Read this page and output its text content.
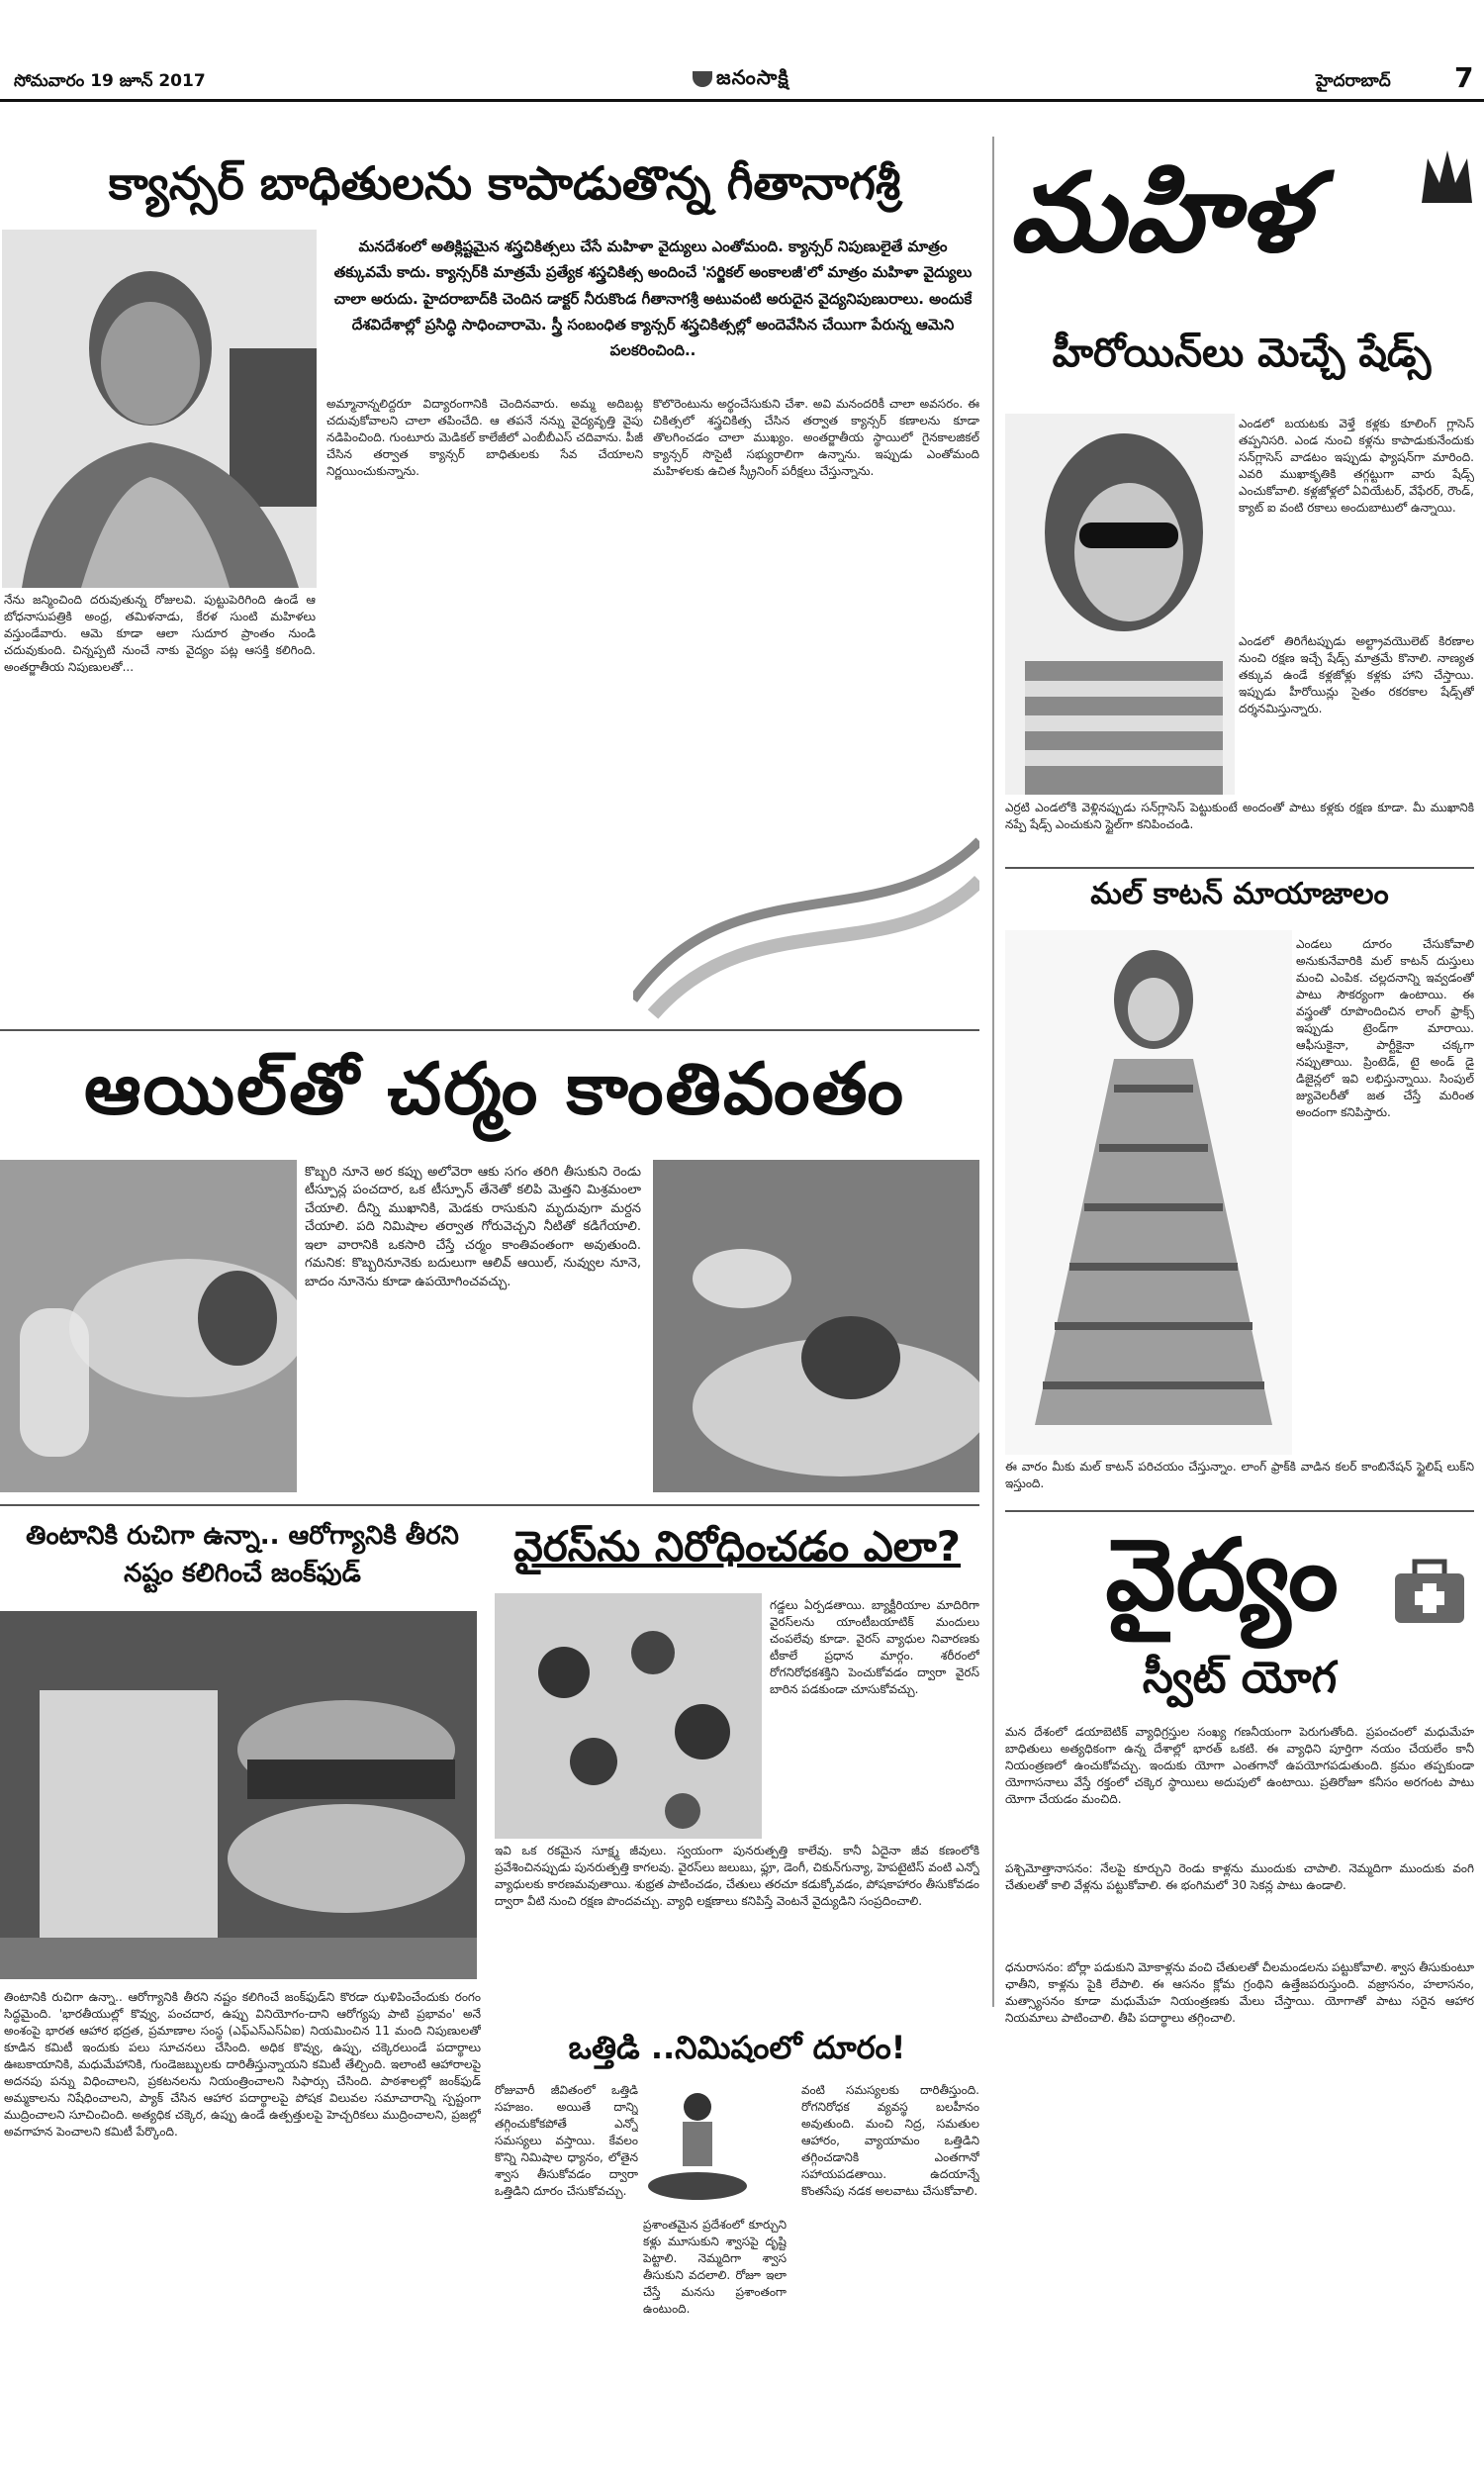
సోమవారం 19 జూన్ 2017	జనంసాక్షి	హైదరాబాద్ 7
క్యాన్సర్ బాధితులను కాపాడుతొన్న గీతానాగశ్రీ
మనదేశంలో అతిక్లిష్టమైన శస్త్రచికిత్సలు చేసే మహిళా వైద్యులు ఎంతోమంది. క్యాన్సర్ నిపుణులైతే మాత్రం తక్కువమే కాదు. క్యాన్సర్‌కి మాత్రమే ప్రత్యేక శస్త్రచికిత్స అందించే 'సర్జికల్ అంకాలజీ'లో మాత్రం మహిళా వైద్యులు చాలా అరుదు. హైదరాబాద్‌కి చెందిన డాక్టర్ నీరుకొండ గీతానాగశ్రీ అటువంటి అరుదైన వైద్యనిపుణురాలు. అందుకే దేశవిదేశాల్లో ప్రసిద్ధి సాధించారామె. స్త్రీ సంబంధిత క్యాన్సర్ శస్త్రచికిత్సల్లో అందెవేసిన చేయిగా పేరున్న ఆమెని పలకరించింది..
నేను జన్మించింది దరువుతున్న రోజులవి. పుట్టుపెరిగింది ఉండే ఆ బోధనాసుపత్రికి అంధ్ర, తమిళనాడు, కేరళ సుంటి మహిళలు వస్తుండేవారు. ఆమె కూడా ఆలా సుదూర ప్రాంతం నుండి చదువుకుంది. చిన్నప్పటి నుంచే నాకు వైద్యం పట్ల ఆసక్తి కలిగింది. అంతర్జాతీయ నిపుణులతో...
అమ్మానాన్నలిద్దరూ విద్యారంగానికి చెందినవారు. అమ్మ అదిబట్ల చదువుకోవాలని చాలా తపించేది. ఆ తపనే నన్ను వైద్యవృత్తి వైపు నడిపించింది. గుంటూరు మెడికల్ కాలేజీలో ఎంబీబీఎస్ చదివాను. పీజీ చేసిన తర్వాత క్యాన్సర్ బాధితులకు సేవ చేయాలని నిర్ణయించుకున్నాను.
కొలొరెంటును అర్థంచేసుకుని చేశా. అవి మనందరికీ చాలా అవసరం. ఈ చికిత్సలో శస్త్రచికిత్స చేసిన తర్వాత క్యాన్సర్ కణాలను కూడా తొలగించడం చాలా ముఖ్యం. అంతర్జాతీయ స్థాయిలో గైనకాలజికల్ క్యాన్సర్ సొసైటీ సభ్యురాలిగా ఉన్నాను. ఇప్పుడు ఎంతోమంది మహిళలకు ఉచిత స్క్రీనింగ్ పరీక్షలు చేస్తున్నాను.
ఆయిల్‌తో చర్మం కాంతివంతం
కొబ్బరి నూనె అర కప్పు అలోవెరా ఆకు సగం తరిగి తీసుకుని రెండు టీస్పూన్ల పంచదార, ఒక టీస్పూన్ తేనెతో కలిపి మెత్తని మిశ్రమంలా చేయాలి. దీన్ని ముఖానికి, మెడకు రాసుకుని మృదువుగా మర్దన చేయాలి. పది నిమిషాల తర్వాత గోరువెచ్చని నీటితో కడిగేయాలి. ఇలా వారానికి ఒకసారి చేస్తే చర్మం కాంతివంతంగా అవుతుంది. గమనిక: కొబ్బరినూనెకు బదులుగా ఆలివ్ ఆయిల్, నువ్వుల నూనె, బాదం నూనెను కూడా ఉపయోగించవచ్చు.
తింటానికి రుచిగా ఉన్నా.. ఆరోగ్యానికి తీరని నష్టం కలిగించే జంక్‌ఫుడ్
తింటానికి రుచిగా ఉన్నా.. ఆరోగ్యానికి తీరని నష్టం కలిగించే జంక్‌ఫుడ్‌ని కొరడా ఝళిపించేందుకు రంగం సిద్ధమైంది. 'భారతీయుల్లో కొవ్వు, పంచదార, ఉప్పు వినియోగం-దాని ఆరోగ్యపు పాటి ప్రభావం' అనే అంశంపై భారత ఆహార భద్రత, ప్రమాణాల సంస్థ (ఎఫ్ఎస్ఎస్ఏఐ) నియమించిన 11 మంది నిపుణులతో కూడిన కమిటీ ఇందుకు పలు సూచనలు చేసింది. అధిక కొవ్వు, ఉప్పు, చక్కెరలుండే పదార్థాలు ఊబకాయానికి, మధుమేహానికి, గుండెజబ్బులకు దారితీస్తున్నాయని కమిటీ తేల్చింది. ఇలాంటి ఆహారాలపై అదనపు పన్ను విధించాలని, ప్రకటనలను నియంత్రించాలని సిఫార్సు చేసింది. పాఠశాలల్లో జంక్‌ఫుడ్ అమ్మకాలను నిషేధించాలని, ప్యాక్ చేసిన ఆహార పదార్థాలపై పోషక విలువల సమాచారాన్ని స్పష్టంగా ముద్రించాలని సూచించింది. అత్యధిక చక్కెర, ఉప్పు ఉండే ఉత్పత్తులపై హెచ్చరికలు ముద్రించాలని, ప్రజల్లో అవగాహన పెంచాలని కమిటీ పేర్కొంది.
వైరస్‌ను నిరోధించడం ఎలా?
గడ్డలు ఏర్పడతాయి. బ్యాక్టీరియాల మాదిరిగా వైరస్‌లను యాంటీబయాటిక్ మందులు చంపలేవు కూడా. వైరస్ వ్యాధుల నివారణకు టీకాలే ప్రధాన మార్గం. శరీరంలో రోగనిరోధకశక్తిని పెంచుకోవడం ద్వారా వైరస్ బారిన పడకుండా చూసుకోవచ్చు.
ఇవి ఒక రకమైన సూక్ష్మ జీవులు. స్వయంగా పునరుత్పత్తి కాలేవు. కానీ ఏదైనా జీవ కణంలోకి ప్రవేశించినప్పుడు పునరుత్పత్తి కాగలవు. వైరస్‌లు జలుబు, ఫ్లూ, డెంగీ, చికున్‌గున్యా, హెపటైటిస్ వంటి ఎన్నో వ్యాధులకు కారణమవుతాయి. శుభ్రత పాటించడం, చేతులు తరచూ కడుక్కోవడం, పోషకాహారం తీసుకోవడం ద్వారా వీటి నుంచి రక్షణ పొందవచ్చు. వ్యాధి లక్షణాలు కనిపిస్తే వెంటనే వైద్యుడిని సంప్రదించాలి.
ఒత్తిడి ..నిమిషంలో దూరం!
రోజువారీ జీవితంలో ఒత్తిడి సహజం. అయితే దాన్ని తగ్గించుకోకపోతే ఎన్నో సమస్యలు వస్తాయి. కేవలం కొన్ని నిమిషాల ధ్యానం, లోతైన శ్వాస తీసుకోవడం ద్వారా ఒత్తిడిని దూరం చేసుకోవచ్చు.
ప్రశాంతమైన ప్రదేశంలో కూర్చుని కళ్లు మూసుకుని శ్వాసపై దృష్టి పెట్టాలి. నెమ్మదిగా శ్వాస తీసుకుని వదలాలి. రోజూ ఇలా చేస్తే మనసు ప్రశాంతంగా ఉంటుంది.
వంటి సమస్యలకు దారితీస్తుంది. రోగనిరోధక వ్యవస్థ బలహీనం అవుతుంది. మంచి నిద్ర, సమతుల ఆహారం, వ్యాయామం ఒత్తిడిని తగ్గించడానికి ఎంతగానో సహాయపడతాయి. ఉదయాన్నే కొంతసేపు నడక అలవాటు చేసుకోవాలి.
మహిళ
హీరోయిన్‌లు మెచ్చే షేడ్స్
ఎండలో బయటకు వెళ్తే కళ్లకు కూలింగ్ గ్లాసెస్ తప్పనిసరి. ఎండ నుంచి కళ్లను కాపాడుకునేందుకు సన్‌గ్లాసెస్ వాడటం ఇప్పుడు ఫ్యాషన్‌గా మారింది. ఎవరి ముఖాకృతికి తగ్గట్టుగా వారు షేడ్స్ ఎంచుకోవాలి. కళ్లజోళ్లలో ఏవియేటర్, వేఫేరర్, రౌండ్, క్యాట్ ఐ వంటి రకాలు అందుబాటులో ఉన్నాయి.
ఎండలో తిరిగేటప్పుడు అల్ట్రావయొలెట్ కిరణాల నుంచి రక్షణ ఇచ్చే షేడ్స్ మాత్రమే కొనాలి. నాణ్యత తక్కువ ఉండే కళ్లజోళ్లు కళ్లకు హాని చేస్తాయి. ఇప్పుడు హీరోయిన్లు సైతం రకరకాల షేడ్స్‌తో దర్శనమిస్తున్నారు.
ఎర్రటి ఎండలోకి వెళ్లినప్పుడు సన్‌గ్లాసెస్ పెట్టుకుంటే అందంతో పాటు కళ్లకు రక్షణ కూడా. మీ ముఖానికి నప్పే షేడ్స్ ఎంచుకుని స్టైల్‌గా కనిపించండి.
మల్ కాటన్ మాయాజాలం
ఎండలు దూరం చేసుకోవాలి అనుకునేవారికి మల్ కాటన్ దుస్తులు మంచి ఎంపిక. చల్లదనాన్ని ఇవ్వడంతో పాటు సౌకర్యంగా ఉంటాయి. ఈ వస్త్రంతో రూపొందించిన లాంగ్ ఫ్రాక్స్ ఇప్పుడు ట్రెండ్‌గా మారాయి. ఆఫీసుకైనా, పార్టీకైనా చక్కగా నప్పుతాయి. ప్రింటెడ్, టై అండ్ డై డిజైన్లలో ఇవి లభిస్తున్నాయి. సింపుల్ జ్యువెలరీతో జత చేస్తే మరింత అందంగా కనిపిస్తారు.
ఈ వారం మీకు మల్ కాటన్ పరిచయం చేస్తున్నాం. లాంగ్ ఫ్రాక్‌కి వాడిన కలర్ కాంబినేషన్ స్టైలిష్ లుక్‌ని ఇస్తుంది.
వైద్యం
స్వీట్ యోగ
మన దేశంలో డయాబెటిక్ వ్యాధిగ్రస్తుల సంఖ్య గణనీయంగా పెరుగుతోంది. ప్రపంచంలో మధుమేహ బాధితులు అత్యధికంగా ఉన్న దేశాల్లో భారత్ ఒకటి. ఈ వ్యాధిని పూర్తిగా నయం చేయలేం కానీ నియంత్రణలో ఉంచుకోవచ్చు. ఇందుకు యోగా ఎంతగానో ఉపయోగపడుతుంది. క్రమం తప్పకుండా యోగాసనాలు వేస్తే రక్తంలో చక్కెర స్థాయిలు అదుపులో ఉంటాయి. ప్రతిరోజూ కనీసం అరగంట పాటు యోగా చేయడం మంచిది.
పశ్చిమోత్తానాసనం: నేలపై కూర్చుని రెండు కాళ్లను ముందుకు చాపాలి. నెమ్మదిగా ముందుకు వంగి చేతులతో కాలి వేళ్లను పట్టుకోవాలి. ఈ భంగిమలో 30 సెకన్ల పాటు ఉండాలి.
ధనురాసనం: బోర్లా పడుకుని మోకాళ్లను వంచి చేతులతో చీలమండలను పట్టుకోవాలి. శ్వాస తీసుకుంటూ ఛాతీని, కాళ్లను పైకి లేపాలి. ఈ ఆసనం క్లోమ గ్రంథిని ఉత్తేజపరుస్తుంది. వజ్రాసనం, హలాసనం, మత్స్యాసనం కూడా మధుమేహ నియంత్రణకు మేలు చేస్తాయి. యోగాతో పాటు సరైన ఆహార నియమాలు పాటించాలి. తీపి పదార్థాలు తగ్గించాలి.
